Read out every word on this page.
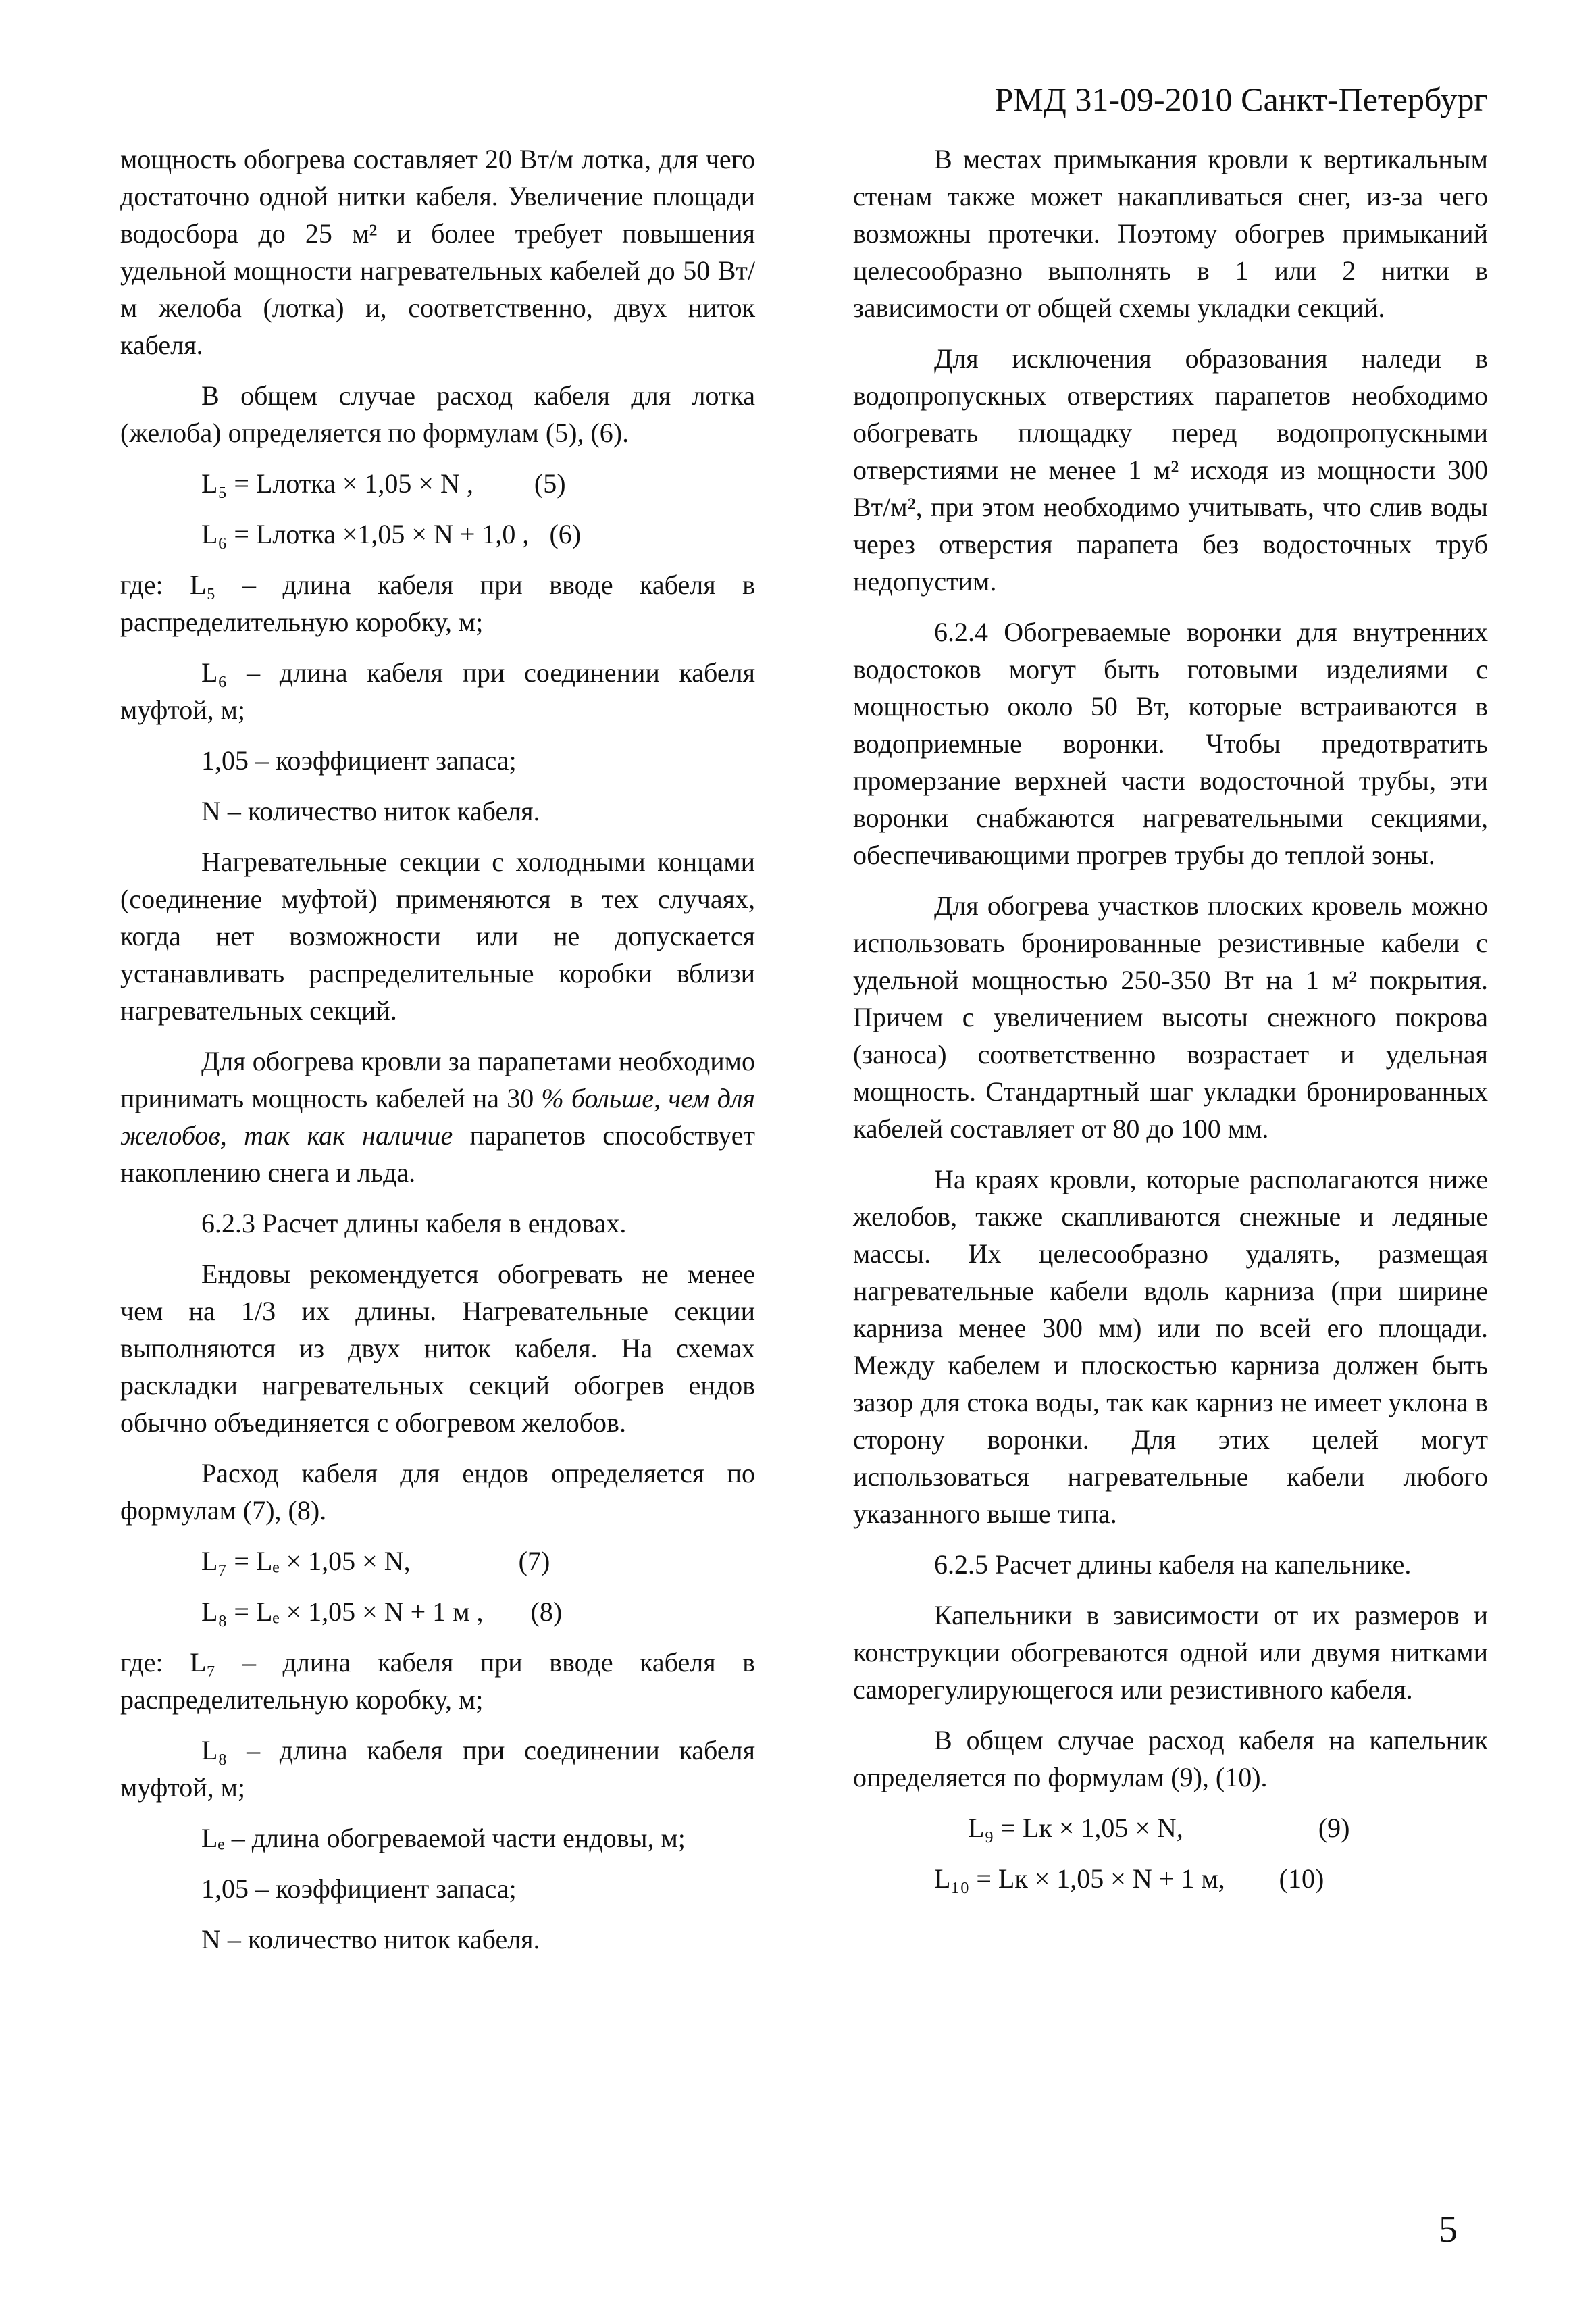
РМД 31-09-2010 Санкт-Петербург

мощность обогрева составляет 20 Вт/м лотка, для чего достаточно одной нитки кабеля. Увеличение площади водосбора до 25 м² и более требует повышения удельной мощности нагревательных кабелей до 50 Вт/м желоба (лотка) и, соответственно, двух ниток кабеля.

В общем случае расход кабеля для лотка (желоба) определяется по формулам (5), (6).

L₅ = Lлотка × 1,05 × N , (5)
L₆ = Lлотка ×1,05 × N + 1,0 , (6)

где: L₅ – длина кабеля при вводе кабеля в распределительную коробку, м;

L₆ – длина кабеля при соединении кабеля муфтой, м;

1,05 – коэффициент запаса;

N – количество ниток кабеля.

Нагревательные секции с холодными концами (соединение муфтой) применяются в тех случаях, когда нет возможности или не допускается устанавливать распределительные коробки вблизи нагревательных секций.

Для обогрева кровли за парапетами необходимо принимать мощность кабелей на 30 % больше, чем для желобов, так как наличие парапетов способствует накоплению снега и льда.

6.2.3 Расчет длины кабеля в ендовах.

Ендовы рекомендуется обогревать не менее чем на 1/3 их длины. Нагревательные секции выполняются из двух ниток кабеля. На схемах раскладки нагревательных секций обогрев ендов обычно объединяется с обогревом желобов.

Расход кабеля для ендов определяется по формулам (7), (8).

L₇ = Lₑ × 1,05 × N,	(7)
L₈ = Lₑ × 1,05 × N + 1 м , (8)

где: L₇ – длина кабеля при вводе кабеля в распределительную коробку, м;

L₈ – длина кабеля при соединении кабеля муфтой, м;

Lₑ – длина обогреваемой части ендовы, м;

1,05 – коэффициент запаса;

N – количество ниток кабеля.

В местах примыкания кровли к вертикальным стенам также может накапливаться снег, из-за чего возможны протечки. Поэтому обогрев примыканий целесообразно выполнять в 1 или 2 нитки в зависимости от общей схемы укладки секций.

Для исключения образования наледи в водопропускных отверстиях парапетов необходимо обогревать площадку перед водопропускными отверстиями не менее 1 м² исходя из мощности 300 Вт/м², при этом необходимо учитывать, что слив воды через отверстия парапета без водосточных труб недопустим.

6.2.4 Обогреваемые воронки для внутренних водостоков могут быть готовыми изделиями с мощностью около 50 Вт, которые встраиваются в водоприемные воронки. Чтобы предотвратить промерзание верхней части водосточной трубы, эти воронки снабжаются нагревательными секциями, обеспечивающими прогрев трубы до теплой зоны.

Для обогрева участков плоских кровель можно использовать бронированные резистивные кабели с удельной мощностью 250-350 Вт на 1 м² покрытия. Причем с увеличением высоты снежного покрова (заноса) соответственно возрастает и удельная мощность. Стандартный шаг укладки бронированных кабелей составляет от 80 до 100 мм.

На краях кровли, которые располагаются ниже желобов, также скапливаются снежные и ледяные массы. Их целесообразно удалять, размещая нагревательные кабели вдоль карниза (при ширине карниза менее 300 мм) или по всей его площади. Между кабелем и плоскостью карниза должен быть зазор для стока воды, так как карниз не имеет уклона в сторону воронки. Для этих целей могут использоваться нагревательные кабели любого указанного выше типа.

6.2.5 Расчет длины кабеля на капельнике.

Капельники в зависимости от их размеров и конструкции обогреваются одной или двумя нитками саморегулирующегося или резистивного кабеля.

В общем случае расход кабеля на капельник определяется по формулам (9), (10).

L₉ = Lк × 1,05 × N,	(9)
L₁₀ = Lк × 1,05 × N + 1 м, (10)
5
